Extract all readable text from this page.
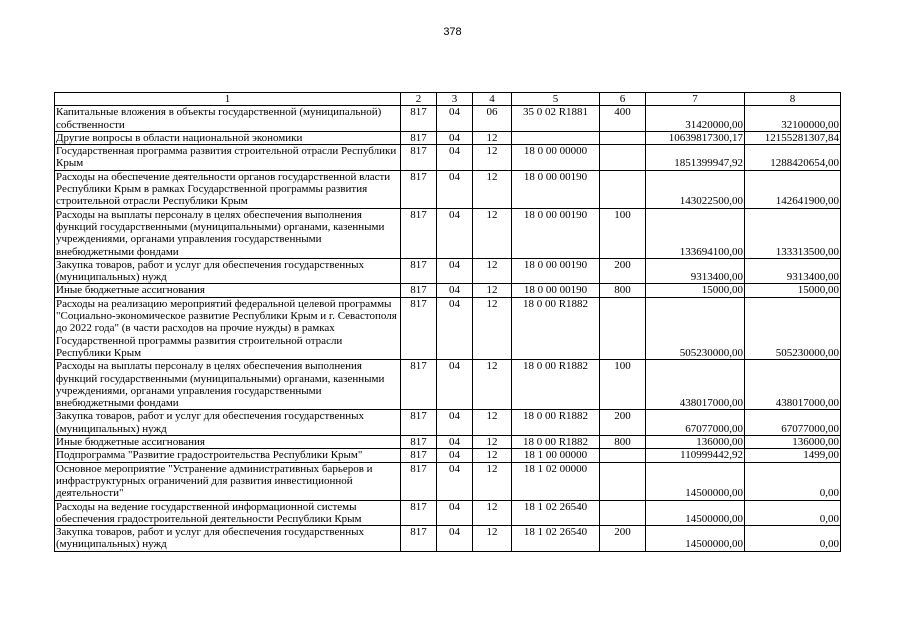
378
1	2	3	4	5	6	7	8
Капитальные вложения в объекты государственной (муниципальной) собственности	817	04	06	35 0 02 R1881	400	31420000,00	32100000,00
Другие вопросы в области национальной экономики	817	04	12			10639817300,17	12155281307,84
Государственная программа развития строительной отрасли Республики Крым	817	04	12	18 0 00 00000		1851399947,92	1288420654,00
Расходы на обеспечение деятельности органов государственной власти Республики Крым в рамках Государственной программы развития строительной отрасли Республики Крым	817	04	12	18 0 00 00190		143022500,00	142641900,00
Расходы на выплаты персоналу в целях обеспечения выполнения функций государственными (муниципальными) органами, казенными учреждениями, органами управления государственными внебюджетными фондами	817	04	12	18 0 00 00190	100	133694100,00	133313500,00
Закупка товаров, работ и услуг для обеспечения государственных (муниципальных) нужд	817	04	12	18 0 00 00190	200	9313400,00	9313400,00
Иные бюджетные ассигнования	817	04	12	18 0 00 00190	800	15000,00	15000,00
Расходы на реализацию мероприятий федеральной целевой программы "Социально-экономическое развитие Республики Крым и г. Севастополя до 2022 года" (в части расходов на прочие нужды) в рамках Государственной программы развития строительной отрасли Республики Крым	817	04	12	18 0 00 R1882		505230000,00	505230000,00
Расходы на выплаты персоналу в целях обеспечения выполнения функций государственными (муниципальными) органами, казенными учреждениями, органами управления государственными внебюджетными фондами	817	04	12	18 0 00 R1882	100	438017000,00	438017000,00
Закупка товаров, работ и услуг для обеспечения государственных (муниципальных) нужд	817	04	12	18 0 00 R1882	200	67077000,00	67077000,00
Иные бюджетные ассигнования	817	04	12	18 0 00 R1882	800	136000,00	136000,00
Подпрограмма "Развитие градостроительства Республики Крым"	817	04	12	18 1 00 00000		110999442,92	1499,00
Основное мероприятие "Устранение административных барьеров и инфраструктурных ограничений для развития инвестиционной деятельности"	817	04	12	18 1 02 00000		14500000,00	0,00
Расходы на ведение государственной информационной системы обеспечения градостроительной деятельности Республики Крым	817	04	12	18 1 02 26540		14500000,00	0,00
Закупка товаров, работ и услуг для обеспечения государственных (муниципальных) нужд	817	04	12	18 1 02 26540	200	14500000,00	0,00
